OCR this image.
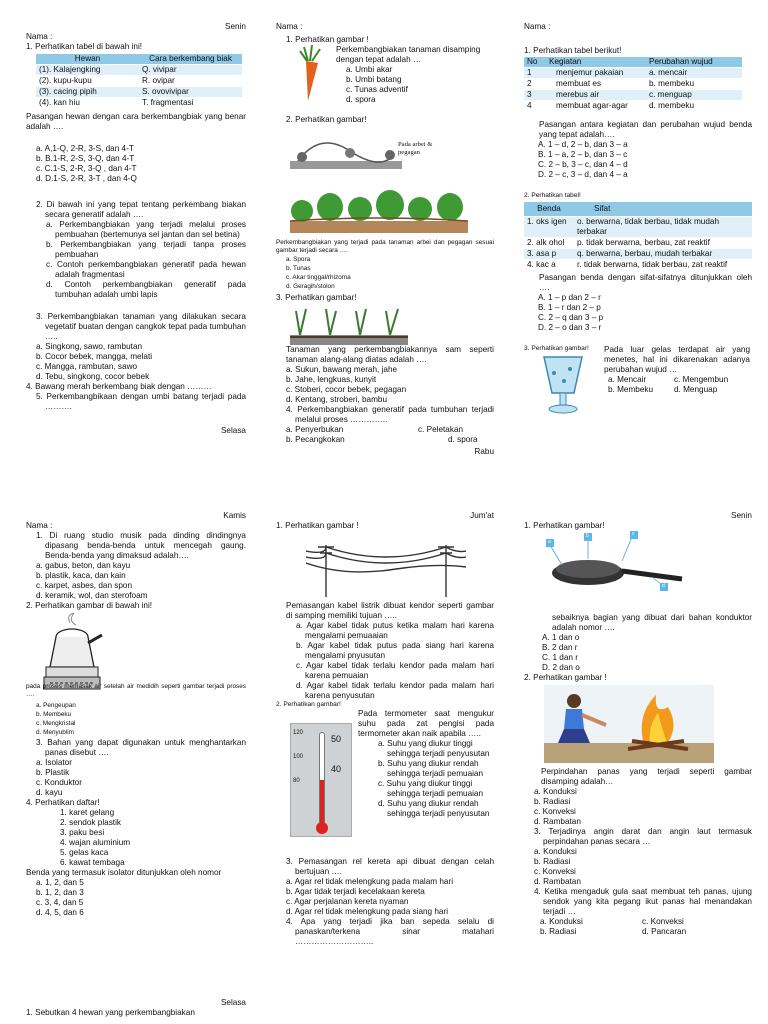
Senin
Nama :
1. Perhatikan tabel di bawah ini!
Hewan	Cara berkembang biak
(1). Kalajengking	Q. vivipar
(2). kupu-kupu	R. ovipar
(3). cacing pipih	S. ovovivipar
(4). kan hiu	T. fragmentasi
Pasangan hewan dengan cara berkembangbiak yang benar adalah ….
a. A,1-Q, 2-R, 3-S, dan 4-T
b. B.1-R, 2-S, 3-Q, dan 4-T
c. C.1-S, 2-R, 3-Q , dan 4-T
d. D.1-S, 2-R, 3-T , dan 4-Q
2. Di bawah ini yang tepat tentang perkembang biakan secara generatif adalah ….
a. Perkembangbiakan yang terjadi melalui proses pembuahan (bertemunya sel jantan dan sel betina)
b. Perkembangbiakan yang terjadi tanpa proses pembuahan
c. Contoh perkembangbiakan generatif pada hewan adalah fragmentasi
d. Contoh perkembangbiakan generatif pada tumbuhan adalah umbi lapis
3. Perkembangbiakan tanaman yang dilakukan secara vegetatif buatan dengan cangkok tepat pada tumbuhan …..
a. Singkong, sawo, rambutan
b. Cocor bebek, mangga, melati
c. Mangga, rambutan, sawo
d. Tebu, singkong, cocor bebek
4. Bawang merah berkembang biak dengan ………
5. Perkembangbikaan dengan umbi batang terjadi pada ……….
Selasa
Nama :
1. Perhatikan gambar !
Perkembangbiakan tanaman disamping dengan tepat adalah …
a. Umbi akar
b. Umbi batang
c. Tunas adventif
d. spora
2. Perhatikan gambar!
Pada arbei & pegagan
Perkembangbiakan yang terjadi pada tanaman arbei dan pegagan sesuai gambar terjadi secara ….
a. Spora
b. Tunas
c. Akar tinggal/rhizoma
d. Geragih/stolon
3. Perhatikan gambar!
Tanaman yang perkembangbiakannya sam seperti tanaman alang-alang diatas adalah ….
a. Sukun, bawang merah, jahe
b. Jahe, lengkuas, kunyit
c. Stoberi, cocor bebek, pegagan
d. Kentang, stroberi, bambu
4. Perkembangbiakan generatif pada tumbuhan terjadi melalui proses …………..
a. Penyerbukan	c. Peletakan
b. Pecangkokan	d. spora
Rabu
Nama :
1. Perhatikan tabel berikut!
No	Kegiatan	Perubahan wujud
1	menjemur pakaian	a. mencair
2	membuat es	b. membeku
3	merebus air	c. menguap
4	membuat agar-agar	d. membeku
Pasangan antara kegiatan dan perubahan wujud benda yang tepat adalah….
A. 1 – d, 2 – b, dan 3 – a
B. 1 – a, 2 – b, dan 3 – c
C. 2 – b, 3 – c, dan 4 – d
D. 2 – c, 3 – d, dan 4 – a
2. Perhatikan tabel!
Benda	Sifat
1. oks igen	o. berwarna, tidak berbau, tidak mudah terbakar
2. alk ohol	p. tidak berwarna, berbau, zat reaktif
3. asa p	q. berwarna, berbau, mudah terbakar
4. kac a	r. tidak berwarna, tidak berbau, zat reaktif
Pasangan benda dengan sifat-sifatnya ditunjukkan oleh ….
A. 1 – p dan 2 – r
B. 1 – r dan 2 – p
C. 2 – q dan 3 – p
D. 2 – o dan 3 – r
3. Perhatikan gambar!	Pada luar gelas terdapat air yang menetes, hal ini dikarenakan adanya perubahan wujud …
a. Mencair	c. Mengembun
b. Membeku	d. Menguap
Kamis
Nama :
1. Di ruang studio musik pada dinding dindingnya dipasang benda-benda untuk mencegah gaung. Benda-benda yang dimaksud adalah….
a. gabus, beton, dan kayu
b. plastik, kaca, dan kain
c. karpet, asbes, dan spon
d. keramik, wol, dan sterofoam
2. Perhatikan gambar di bawah ini!
pada proses memasak air setelah air medidih seperti gambar terjadi proses ….
a. Pengeupan
b. Membeku
c. Mengkristal
d. Menyublim
3. Bahan yang dapat digunakan untuk menghantarkan panas disebut ….
a. Isolator
b. Plastik
c. Konduktor
d. kayu
4. Perhatikan daftar!
1. karet gelang
2. sendok plastik
3. paku besi
4. wajan aluminium
5. gelas kaca
6. kawat tembaga
Benda yang termasuk isolator ditunjukkan oleh nomor
a. 1, 2, dan 5
b. 1, 2, dan 3
c. 3, 4, dan 5
d. 4, 5, dan 6
Jum'at
1. Perhatikan gambar !
Pemasangan kabel listrik dibuat kendor seperti gambar di samping memiliki tujuan …..
a. Agar kabel tidak putus ketika malam hari karena mengalami pemuaaian
b. Agar kabel tidak putus pada siang hari karena mengalami pnyusutan
c. Agar kabel tidak terlalu kendor pada malam hari karena pemuaian
d. Agar kabel tidak terlalu kendor pada malam hari karena penyusutan
2. Perhatikan gambar!
120
50
100
40
80
Pada termometer saat mengukur suhu pada zat pengisi pada termometer akan naik apabila …..
a. Suhu yang diukur tinggi sehingga terjadi penyusutan
b. Suhu yang diukur rendah sehingga terjadi pemuaian
c. Suhu yang diukur tinggi sehingga terjadi pemuaian
d. Suhu yang diukur rendah sehingga terjadi penyusutan
3. Pemasangan rel kereta api dibuat dengan celah bertujuan ….
a. Agar rel tidak melengkung pada malam hari
b. Agar tidak terjadi kecelakaan kereta
c. Agar perjalanan kereta nyaman
d. Agar rel tidak melengkung pada siang hari
4. Apa yang terjadi jika ban sepeda selalu di panaskan/terkena sinar matahari ………………………..
Senin
1. Perhatikan gambar!
a
b	c
d
sebaiknya bagian yang dibuat dari bahan konduktor adalah nomor ….
A. 1 dan o
B. 2 dan r
C. 1 dan r
D. 2 dan o
2. Perhatikan gambar !
Perpindahan panas yang terjadi seperti gambar disamping adalah…
a. Konduksi
b. Radiasi
c. Konveksi
d. Rambatan
3. Terjadinya angin darat dan angin laut termasuk perpindahan panas secara …
a. Konduksi
b. Radiasi
c. Konveksi
d. Rambatan
4. Ketika mengaduk gula saat membuat teh panas, ujung sendok yang kita pegang ikut panas hal menandakan terjadi …
a. Konduksi	c. Konveksi
b. Radiasi	d. Pancaran
Selasa
1. Sebutkan 4 hewan yang perkembangbiakan
